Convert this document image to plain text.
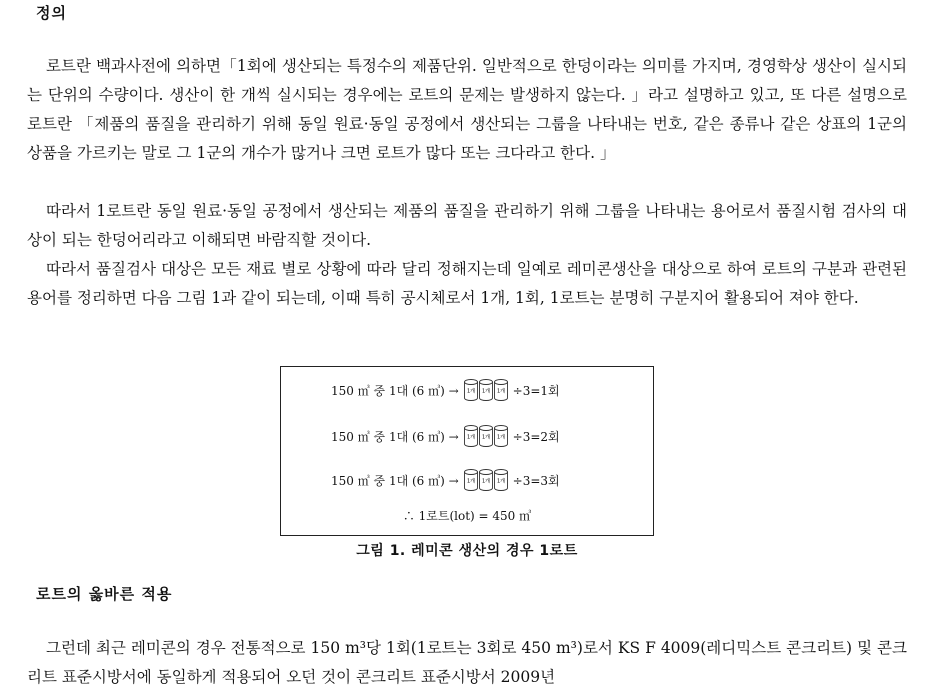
정의

로트란 백과사전에 의하면「1회에 생산되는 특정수의 제품단위. 일반적으로 한덩이라는 의미를 가지며, 경영학상 생산이 실시되는 단위의 수량이다. 생산이 한 개씩 실시되는 경우에는 로트의 문제는 발생하지 않는다. 」라고 설명하고 있고, 또 다른 설명으로 로트란 「제품의 품질을 관리하기 위해 동일 원료·동일 공정에서 생산되는 그룹을 나타내는 번호, 같은 종류나 같은 상표의 1군의 상품을 가르키는 말로 그 1군의 개수가 많거나 크면 로트가 많다 또는 크다라고 한다. 」

따라서 1로트란 동일 원료·동일 공정에서 생산되는 제품의 품질을 관리하기 위해 그룹을 나타내는 용어로서 품질시험 검사의 대상이 되는 한덩어리라고 이해되면 바람직할 것이다.

따라서 품질검사 대상은 모든 재료 별로 상황에 따라 달리 정해지는데 일예로 레미콘생산을 대상으로 하여 로트의 구분과 관련된 용어를 정리하면 다음 그림 1과 같이 되는데, 이때 특히 공시체로서 1개, 1회, 1로트는 분명히 구분지어 활용되어 져야 한다.

150 ㎥ 중 1대 (6 ㎥) → 1개 1개 1개 ÷3=1회
150 ㎥ 중 1대 (6 ㎥) → 1개 1개 1개 ÷3=2회
150 ㎥ 중 1대 (6 ㎥) → 1개 1개 1개 ÷3=3회
∴ 1로트(lot) = 450 ㎥
그림 1. 레미콘 생산의 경우 1로트
로트의 옳바른 적용

그런데 최근 레미콘의 경우 전통적으로 150 m³당 1회(1로트는 3회로 450 m³)로서 KS F 4009(레디믹스트 콘크리트) 및 콘크리트 표준시방서에 동일하게 적용되어 오던 것이 콘크리트 표준시방서 2009년
